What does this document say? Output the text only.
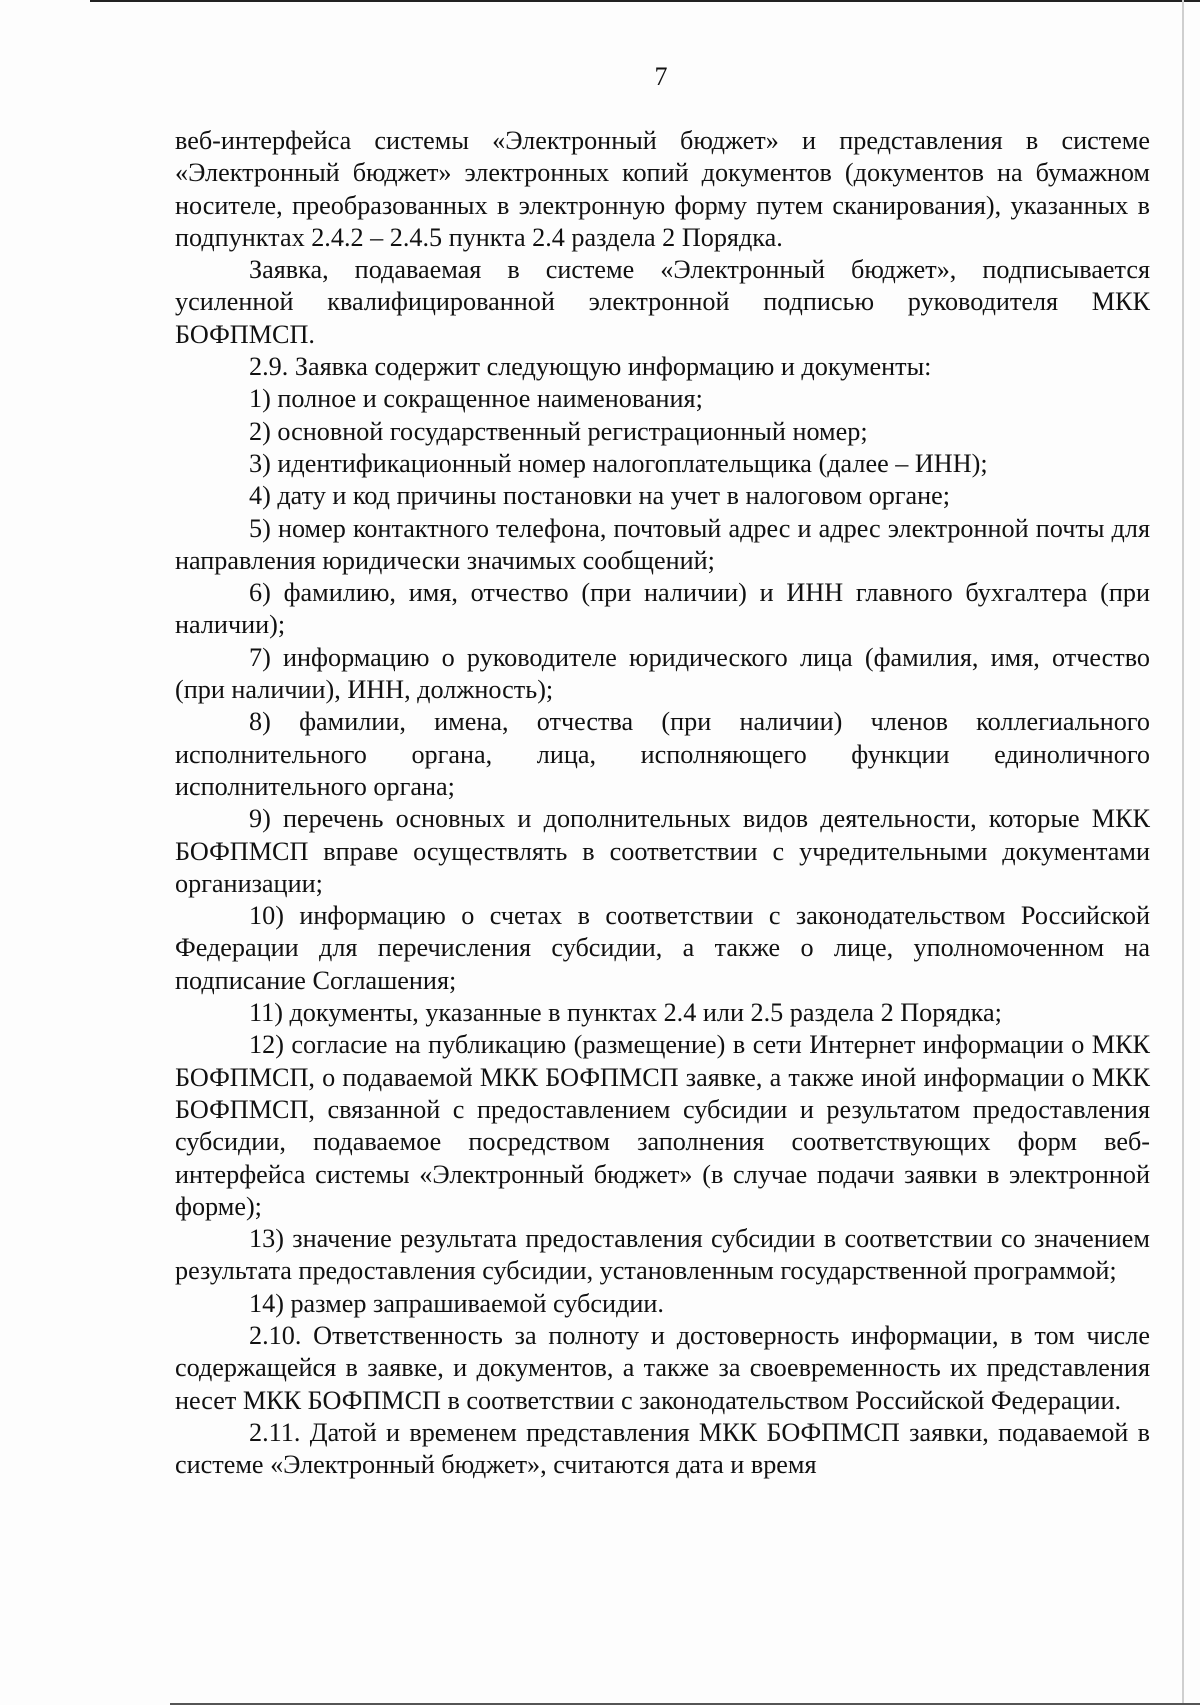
7

веб-интерфейса системы «Электронный бюджет» и представления в системе «Электронный бюджет» электронных копий документов (документов на бумажном носителе, преобразованных в электронную форму путем сканирования), указанных в подпунктах 2.4.2 – 2.4.5 пункта 2.4 раздела 2 Порядка.

Заявка, подаваемая в системе «Электронный бюджет», подписывается усиленной квалифицированной электронной подписью руководителя МКК БОФПМСП.

2.9. Заявка содержит следующую информацию и документы:

1) полное и сокращенное наименования;

2) основной государственный регистрационный номер;

3) идентификационный номер налогоплательщика (далее – ИНН);

4) дату и код причины постановки на учет в налоговом органе;

5) номер контактного телефона, почтовый адрес и адрес электронной почты для направления юридически значимых сообщений;

6) фамилию, имя, отчество (при наличии) и ИНН главного бухгалтера (при наличии);

7) информацию о руководителе юридического лица (фамилия, имя, отчество (при наличии), ИНН, должность);

8) фамилии, имена, отчества (при наличии) членов коллегиального исполнительного органа, лица, исполняющего функции единоличного исполнительного органа;

9) перечень основных и дополнительных видов деятельности, которые МКК БОФПМСП вправе осуществлять в соответствии с учредительными документами организации;

10) информацию о счетах в соответствии с законодательством Российской Федерации для перечисления субсидии, а также о лице, уполномоченном на подписание Соглашения;

11) документы, указанные в пунктах 2.4 или 2.5 раздела 2 Порядка;

12) согласие на публикацию (размещение) в сети Интернет информации о МКК БОФПМСП, о подаваемой МКК БОФПМСП заявке, а также иной информации о МКК БОФПМСП, связанной с предоставлением субсидии и результатом предоставления субсидии, подаваемое посредством заполнения соответствующих форм веб-интерфейса системы «Электронный бюджет» (в случае подачи заявки в электронной форме);

13) значение результата предоставления субсидии в соответствии со значением результата предоставления субсидии, установленным государственной программой;

14) размер запрашиваемой субсидии.

2.10. Ответственность за полноту и достоверность информации, в том числе содержащейся в заявке, и документов, а также за своевременность их представления несет МКК БОФПМСП в соответствии с законодательством Российской Федерации.

2.11. Датой и временем представления МКК БОФПМСП заявки, подаваемой в системе «Электронный бюджет», считаются дата и время
